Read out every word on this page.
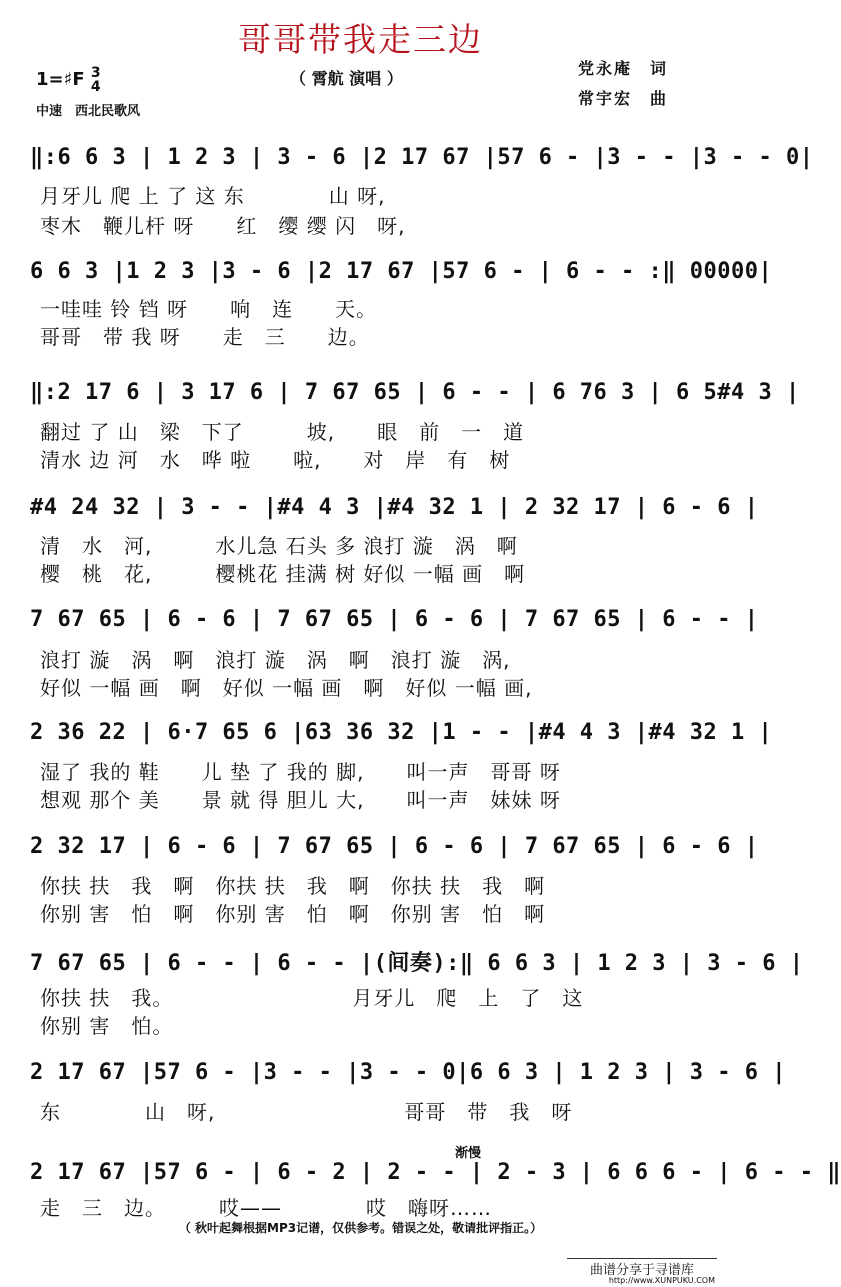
哥哥带我走三边
（ 霄航 演唱 ）
党永庵　词
常宇宏　曲
1=♯F 3
4
中速　西北民歌风
‖:6 6 3 | 1 2 3 | 3 - 6 |2 17 67 |57 6 - |3 - - |3 - - 0|
月牙儿 爬 上 了 这 东　　　　山 呀,
枣木　鞭儿杆 呀　　红　缨 缨 闪　呀,
6 6 3 |1 2 3 |3 - 6 |2 17 67 |57 6 - | 6 - - :‖ 00000|
一哇哇 铃 铛 呀　　响　连　　天。
哥哥　带 我 呀　　走　三　　边。
‖:2 17 6 | 3 17 6 | 7 67 65 | 6 - - | 6 76 3 | 6 5#4 3 |
翻过 了 山　梁　下了　　　坡,　　眼　前　一　道
清水 边 河　水　哗 啦　　啦,　　对　岸　有　树
#4 24 32 | 3 - - |#4 4 3 |#4 32 1 | 2 32 17 | 6 - 6 |
清　水　河,　　　水儿急 石头 多 浪打 漩　涡　啊
樱　桃　花,　　　樱桃花 挂满 树 好似 一幅 画　啊
7 67 65 | 6 - 6 | 7 67 65 | 6 - 6 | 7 67 65 | 6 - - |
浪打 漩　涡　啊　浪打 漩　涡　啊　浪打 漩　涡,
好似 一幅 画　啊　好似 一幅 画　啊　好似 一幅 画,
2 36 22 | 6·7 65 6 |63 36 32 |1 - - |#4 4 3 |#4 32 1 |
湿了 我的 鞋　　儿 垫 了 我的 脚,　　叫一声　哥哥 呀
想观 那个 美　　景 就 得 胆儿 大,　　叫一声　妹妹 呀
2 32 17 | 6 - 6 | 7 67 65 | 6 - 6 | 7 67 65 | 6 - 6 |
你扶 扶　我　啊　你扶 扶　我　啊　你扶 扶　我　啊
你别 害　怕　啊　你别 害　怕　啊　你别 害　怕　啊
7 67 65 | 6 - - | 6 - - |(间奏):‖ 6 6 3 | 1 2 3 | 3 - 6 |
你扶 扶　我。　　　　　　　　　月牙儿　爬　上　了　这
你别 害　怕。
2 17 67 |57 6 - |3 - - |3 - - 0|6 6 3 | 1 2 3 | 3 - 6 |
东　　　　山　呀,　　　　　　　　　哥哥　带　我　呀
渐慢
2 17 67 |57 6 - | 6 - 2 | 2 - - | 2 - 3 | 6 6 6 - | 6 - - ‖
走　三　边。　　　哎——　　　　哎　嗨呀……
（ 秋叶起舞根据MP3记谱，仅供参考。错误之处，敬请批评指正。）
曲谱分享于寻谱库
http://www.XUNPUKU.COM
